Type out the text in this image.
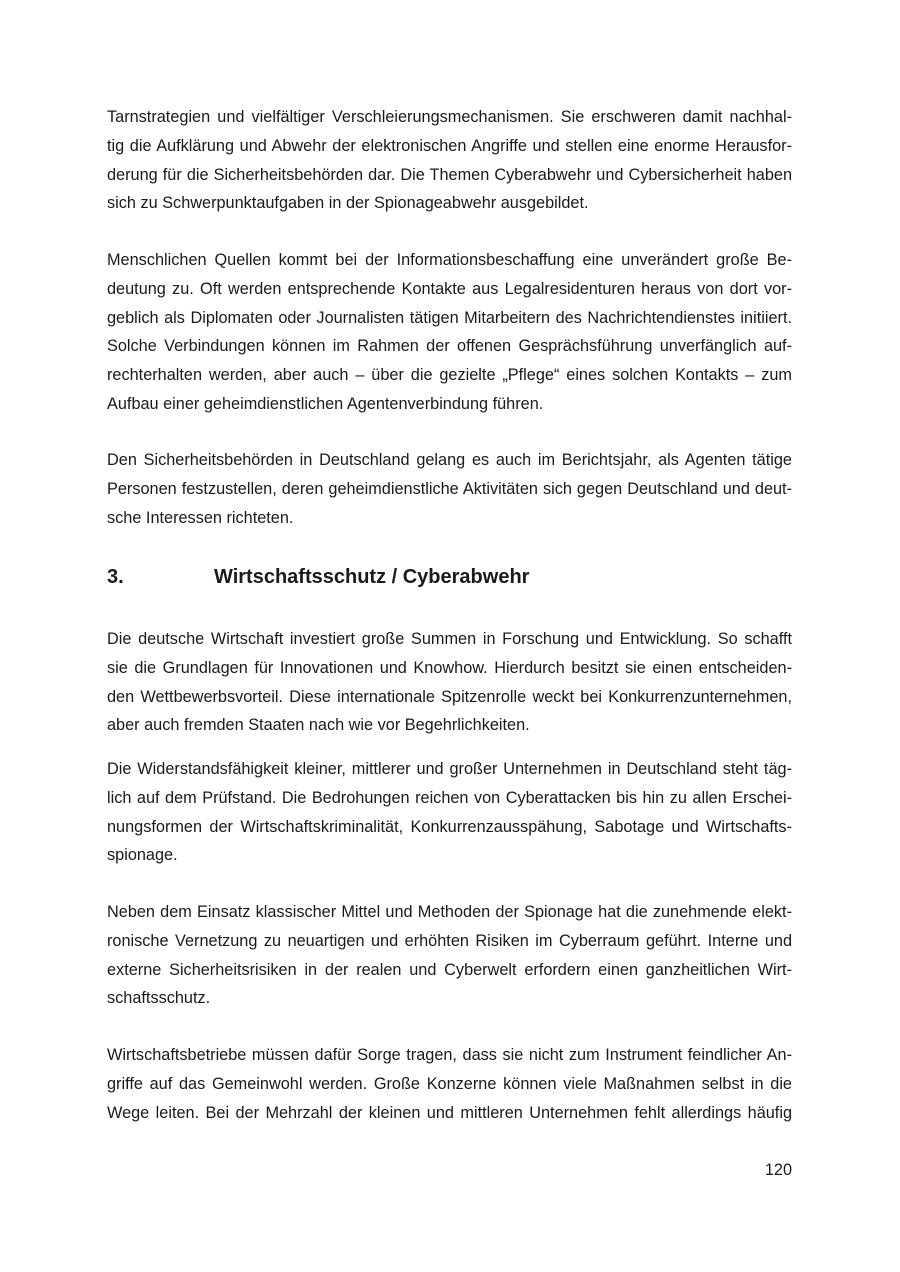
Tarnstrategien und vielfältiger Verschleierungsmechanismen. Sie erschweren damit nachhal-
tig die Aufklärung und Abwehr der elektronischen Angriffe und stellen eine enorme Herausfor-
derung für die Sicherheitsbehörden dar. Die Themen Cyberabwehr und Cybersicherheit haben
sich zu Schwerpunktaufgaben in der Spionageabwehr ausgebildet.

Menschlichen Quellen kommt bei der Informationsbeschaffung eine unverändert große Be-
deutung zu. Oft werden entsprechende Kontakte aus Legalresidenturen heraus von dort vor-
geblich als Diplomaten oder Journalisten tätigen Mitarbeitern des Nachrichtendienstes initiiert.
Solche Verbindungen können im Rahmen der offenen Gesprächsführung unverfänglich auf-
rechterhalten werden, aber auch – über die gezielte „Pflege“ eines solchen Kontakts – zum
Aufbau einer geheimdienstlichen Agentenverbindung führen.

Den Sicherheitsbehörden in Deutschland gelang es auch im Berichtsjahr, als Agenten tätige
Personen festzustellen, deren geheimdienstliche Aktivitäten sich gegen Deutschland und deut-
sche Interessen richteten.

3.	Wirtschaftsschutz / Cyberabwehr

Die deutsche Wirtschaft investiert große Summen in Forschung und Entwicklung. So schafft
sie die Grundlagen für Innovationen und Knowhow. Hierdurch besitzt sie einen entscheiden-
den Wettbewerbsvorteil. Diese internationale Spitzenrolle weckt bei Konkurrenzunternehmen,
aber auch fremden Staaten nach wie vor Begehrlichkeiten.

Die Widerstandsfähigkeit kleiner, mittlerer und großer Unternehmen in Deutschland steht täg-
lich auf dem Prüfstand. Die Bedrohungen reichen von Cyberattacken bis hin zu allen Erschei-
nungsformen der Wirtschaftskriminalität, Konkurrenzausspähung, Sabotage und Wirtschafts-
spionage.

Neben dem Einsatz klassischer Mittel und Methoden der Spionage hat die zunehmende elekt-
ronische Vernetzung zu neuartigen und erhöhten Risiken im Cyberraum geführt. Interne und
externe Sicherheitsrisiken in der realen und Cyberwelt erfordern einen ganzheitlichen Wirt-
schaftsschutz.

Wirtschaftsbetriebe müssen dafür Sorge tragen, dass sie nicht zum Instrument feindlicher An-
griffe auf das Gemeinwohl werden. Große Konzerne können viele Maßnahmen selbst in die
Wege leiten. Bei der Mehrzahl der kleinen und mittleren Unternehmen fehlt allerdings häufig

120
